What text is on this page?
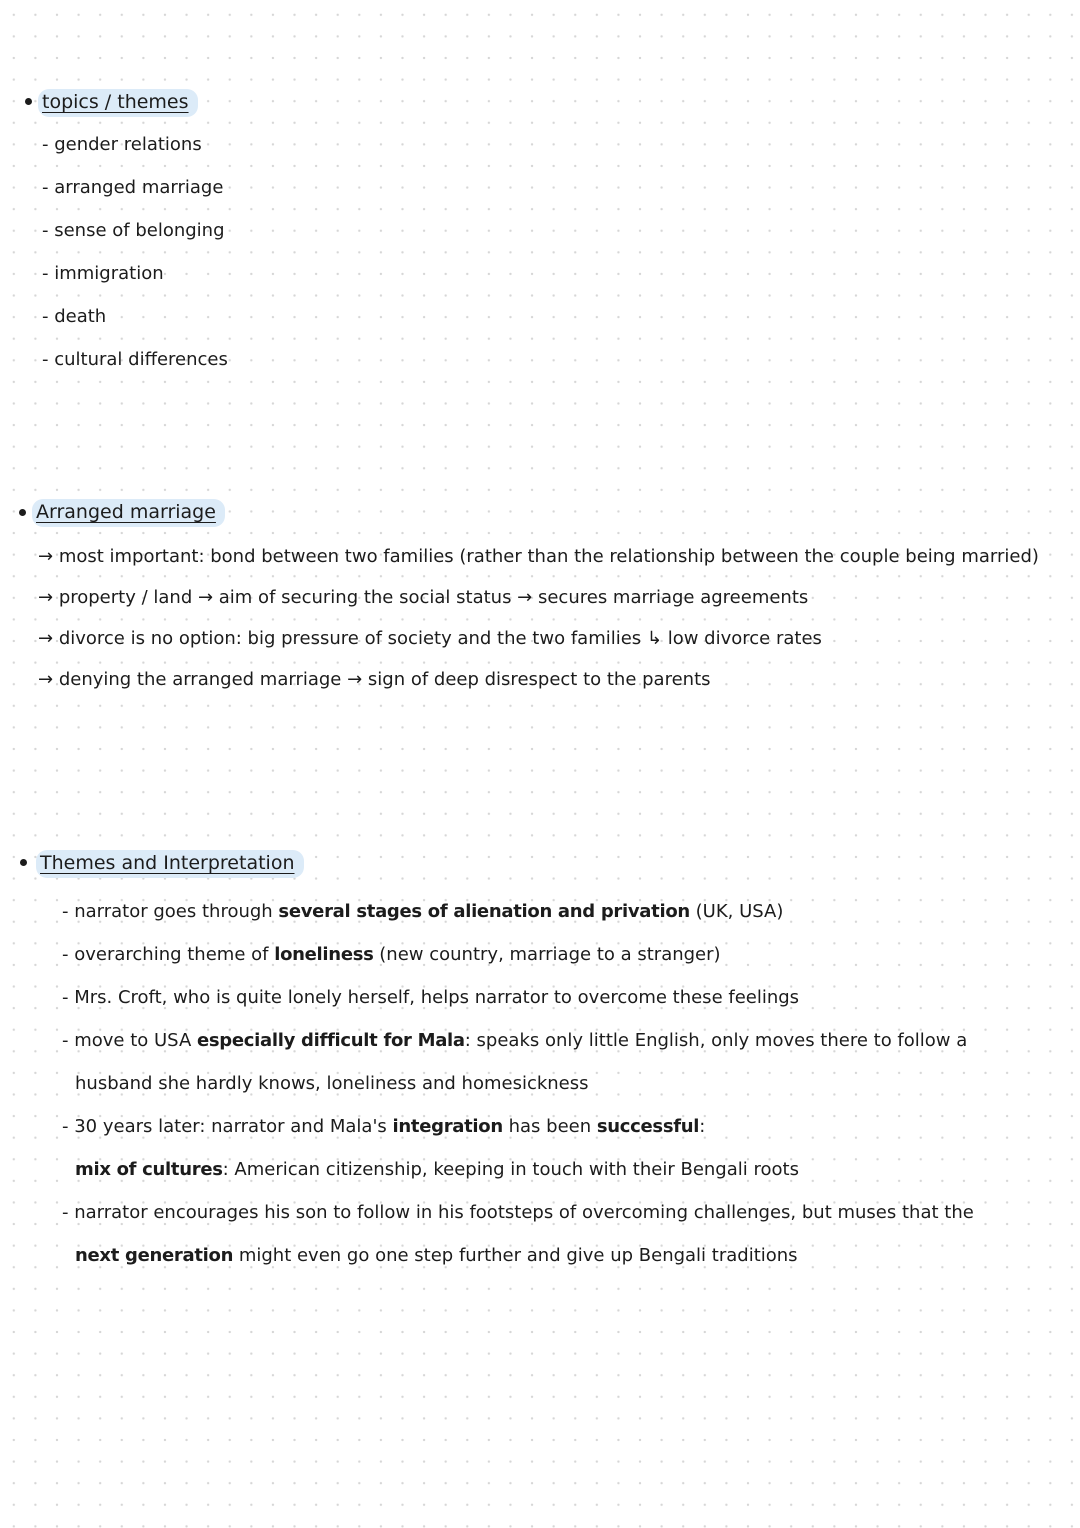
topics / themes
- gender relations
- arranged marriage
- sense of belonging
- immigration
- death
- cultural differences
Arranged marriage
→ most important: bond between two families (rather than the relationship between the couple being married)
→ property / land → aim of securing the social status → secures marriage agreements
→ divorce is no option: big pressure of society and the two families ↳ low divorce rates
→ denying the arranged marriage → sign of deep disrespect to the parents
Themes and Interpretation
- narrator goes through several stages of alienation and privation (UK, USA)
- overarching theme of loneliness (new country, marriage to a stranger)
- Mrs. Croft, who is quite lonely herself, helps narrator to overcome these feelings
- move to USA especially difficult for Mala: speaks only little English, only moves there to follow a
husband she hardly knows, loneliness and homesickness
- 30 years later: narrator and Mala's integration has been successful:
mix of cultures: American citizenship, keeping in touch with their Bengali roots
- narrator encourages his son to follow in his footsteps of overcoming challenges, but muses that the
next generation might even go one step further and give up Bengali traditions
